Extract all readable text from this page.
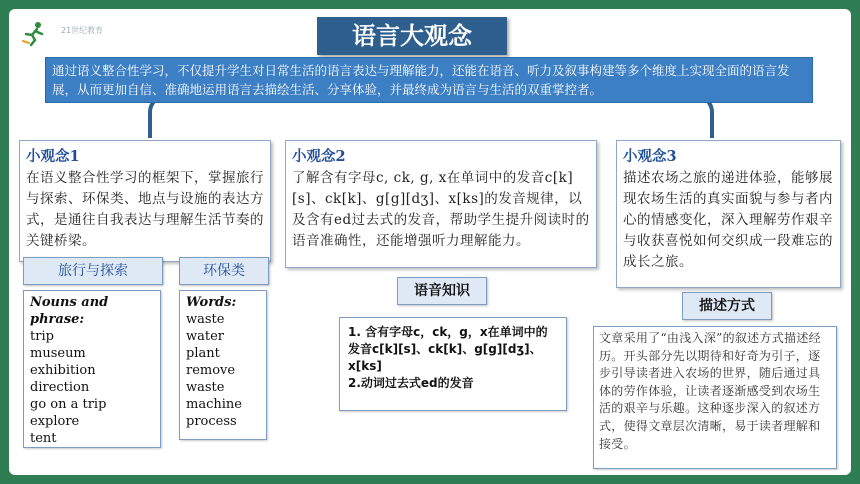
21世纪教育	语言大观念
通过语义整合性学习，不仅提升学生对日常生活的语言表达与理解能力，还能在语音、听力及叙事构建等多个维度上实现全面的语言发展，从而更加自信、准确地运用语言去描绘生活、分享体验，并最终成为语言与生活的双重掌控者。
小观念1

在语义整合性学习的框架下，掌握旅行与探索、环保类、地点与设施的表达方式，是通往自我表达与理解生活节奏的关键桥梁。

小观念2

了解含有字母c, ck, g, x在单词中的发音c[k][s]、ck[k]、g[g][dʒ]、x[ks]的发音规律，以及含有ed过去式的发音，帮助学生提升阅读时的语音准确性，还能增强听力理解能力。

小观念3

描述农场之旅的递进体验，能够展现农场生活的真实面貌与参与者内心的情感变化，深入理解劳作艰辛与收获喜悦如何交织成一段难忘的成长之旅。

旅行与探索	环保类
语音知识
描述方式
Nouns and phrase:
trip
museum
exhibition
direction
go on a trip
explore
tent
Words:
waste
water
plant
remove
waste
machine
process
1. 含有字母c，ck，g，x在单词中的发音c[k][s]、ck[k]、g[g][dʒ]、x[ks]
2.动词过去式ed的发音

文章采用了“由浅入深”的叙述方式描述经历。开头部分先以期待和好奇为引子，逐步引导读者进入农场的世界，随后通过具体的劳作体验，让读者逐渐感受到农场生活的艰辛与乐趣。这种逐步深入的叙述方式，使得文章层次清晰，易于读者理解和接受。
